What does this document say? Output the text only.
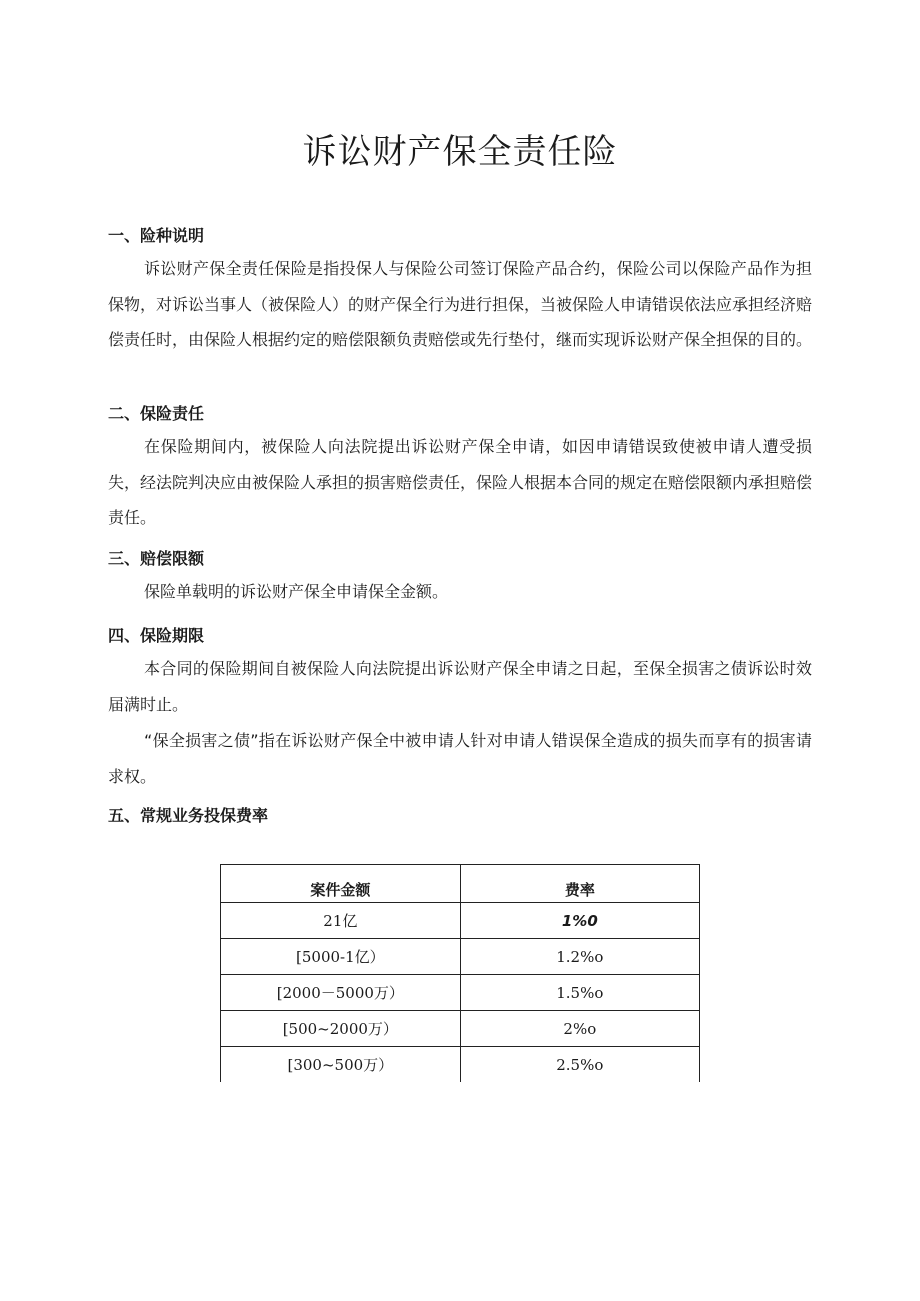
诉讼财产保全责任险
一、险种说明

诉讼财产保全责任保险是指投保人与保险公司签订保险产品合约，保险公司以保险产品作为担保物，对诉讼当事人（被保险人）的财产保全行为进行担保，当被保险人申请错误依法应承担经济赔偿责任时，由保险人根据约定的赔偿限额负责赔偿或先行垫付，继而实现诉讼财产保全担保的目的。

二、保险责任

在保险期间内，被保险人向法院提出诉讼财产保全申请，如因申请错误致使被申请人遭受损失，经法院判决应由被保险人承担的损害赔偿责任，保险人根据本合同的规定在赔偿限额内承担赔偿责任。

三、赔偿限额

保险单载明的诉讼财产保全申请保全金额。

四、保险期限

本合同的保险期间自被保险人向法院提出诉讼财产保全申请之日起，至保全损害之债诉讼时效届满时止。

“保全损害之债”指在诉讼财产保全中被申请人针对申请人错误保全造成的损失而享有的损害请求权。

五、常规业务投保费率
案件金额	费率
21亿	1%0
[5000-1亿）	1.2%o
[2000－5000万）	1.5%o
[500~2000万）	2%o
[300~500万）	2.5%o
